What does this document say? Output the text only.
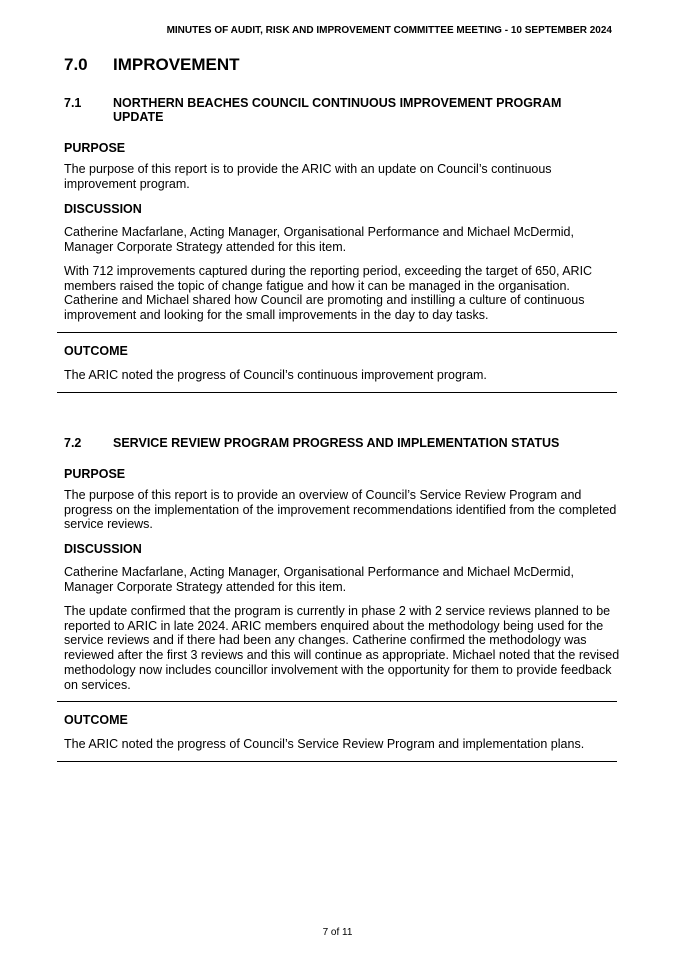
MINUTES OF AUDIT, RISK AND IMPROVEMENT COMMITTEE MEETING - 10 SEPTEMBER 2024
7.0 IMPROVEMENT
7.1	NORTHERN BEACHES COUNCIL CONTINUOUS IMPROVEMENT PROGRAM UPDATE
PURPOSE
The purpose of this report is to provide the ARIC with an update on Council’s continuous improvement program.
DISCUSSION
Catherine Macfarlane, Acting Manager, Organisational Performance and Michael McDermid, Manager Corporate Strategy attended for this item.
With 712 improvements captured during the reporting period, exceeding the target of 650, ARIC members raised the topic of change fatigue and how it can be managed in the organisation. Catherine and Michael shared how Council are promoting and instilling a culture of continuous improvement and looking for the small improvements in the day to day tasks.
OUTCOME
The ARIC noted the progress of Council’s continuous improvement program.
7.2	SERVICE REVIEW PROGRAM PROGRESS AND IMPLEMENTATION STATUS
PURPOSE
The purpose of this report is to provide an overview of Council’s Service Review Program and progress on the implementation of the improvement recommendations identified from the completed service reviews.
DISCUSSION
Catherine Macfarlane, Acting Manager, Organisational Performance and Michael McDermid, Manager Corporate Strategy attended for this item.
The update confirmed that the program is currently in phase 2 with 2 service reviews planned to be reported to ARIC in late 2024. ARIC members enquired about the methodology being used for the service reviews and if there had been any changes. Catherine confirmed the methodology was reviewed after the first 3 reviews and this will continue as appropriate. Michael noted that the revised methodology now includes councillor involvement with the opportunity for them to provide feedback on services.
OUTCOME
The ARIC noted the progress of Council’s Service Review Program and implementation plans.
7 of 11
